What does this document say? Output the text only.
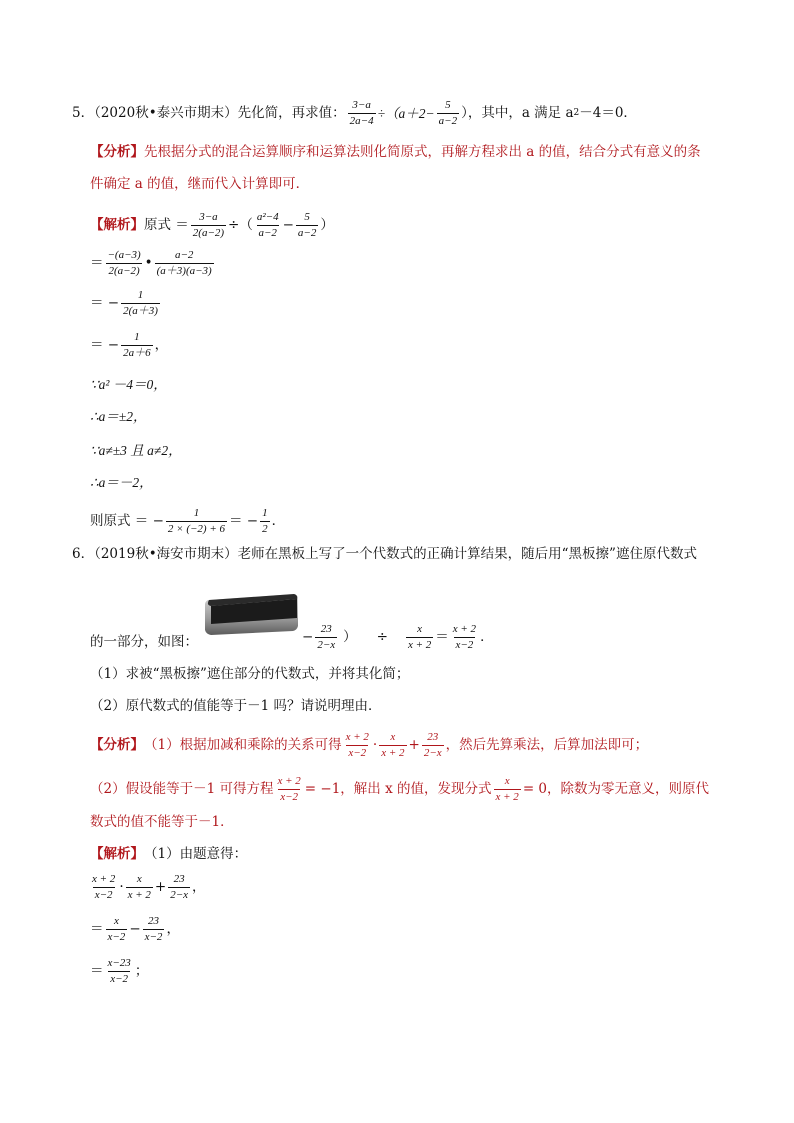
5．（2020秋•泰兴市期末）先化简，再求值： $\frac{3-a}{2a-4} \div(a+2- \frac{5}{a-2}$ ），其中，a 满足 a 2 －4＝0．
【分析】 先根据分式的混合运算顺序和运算法则化简原式，再解方程求出 a 的值，结合分式有意义的条
件确定 a 的值，继而代入计算即可．
【解析】 原式 ＝ $\frac{3-a}{2(a-2)}$ ÷（ $\frac{\text{a²−4}}{a-2} - \frac{5}{a-2}$ ）
＝ $\frac{-(a-3)}{2(a-2)}$ • $\frac{a-2}{(a+3)(a-3)}$
＝ − $\frac{1}{2(a+3)}$
＝ − $\frac{1}{2a+6}$ ，
∵a² －4＝0，
∴a＝±2，
∵a≠±3 且 a≠2，
∴a＝－2，
则原式 ＝ − $\frac{1}{2 \times (-2) + 6}$ ＝ − $\frac{1}{2}$ ．
6．（2019秋•海安市期末）老师在黑板上写了一个代数式的正确计算结果，随后用“黑板擦”遮住原代数式
的一部分，如图：	− $\frac{23}{2-x}$ ） ÷ $\frac{x}{x + 2} = \frac{x + 2}{x-2}$ ．
（1）求被“黑板擦”遮住部分的代数式，并将其化简；
（2）原代数式的值能等于－1 吗？请说明理由．
【分析】 （1）根据加减和乘除的关系可得 $\frac{x + 2}{x-2} \cdot \frac{x}{x + 2} + \frac{23}{2-x}$ ，然后先算乘法，后算加法即可；
（2）假设能等于－1 可得方程 $\frac{x + 2}{x-2} = -1$，解出 x 的值，发现分式 $\frac{x}{x + 2} = 0$，除数为零无意义，则原代
数式的值不能等于－1．
【解析】 （1）由题意得：
$\frac{x + 2}{x-2} \cdot \frac{x}{x + 2} + \frac{23}{2-x}$ ，
＝ $\frac{x}{x-2} - \frac{23}{x-2}$ ，
＝ $\frac{x-23}{x-2}$ ；
